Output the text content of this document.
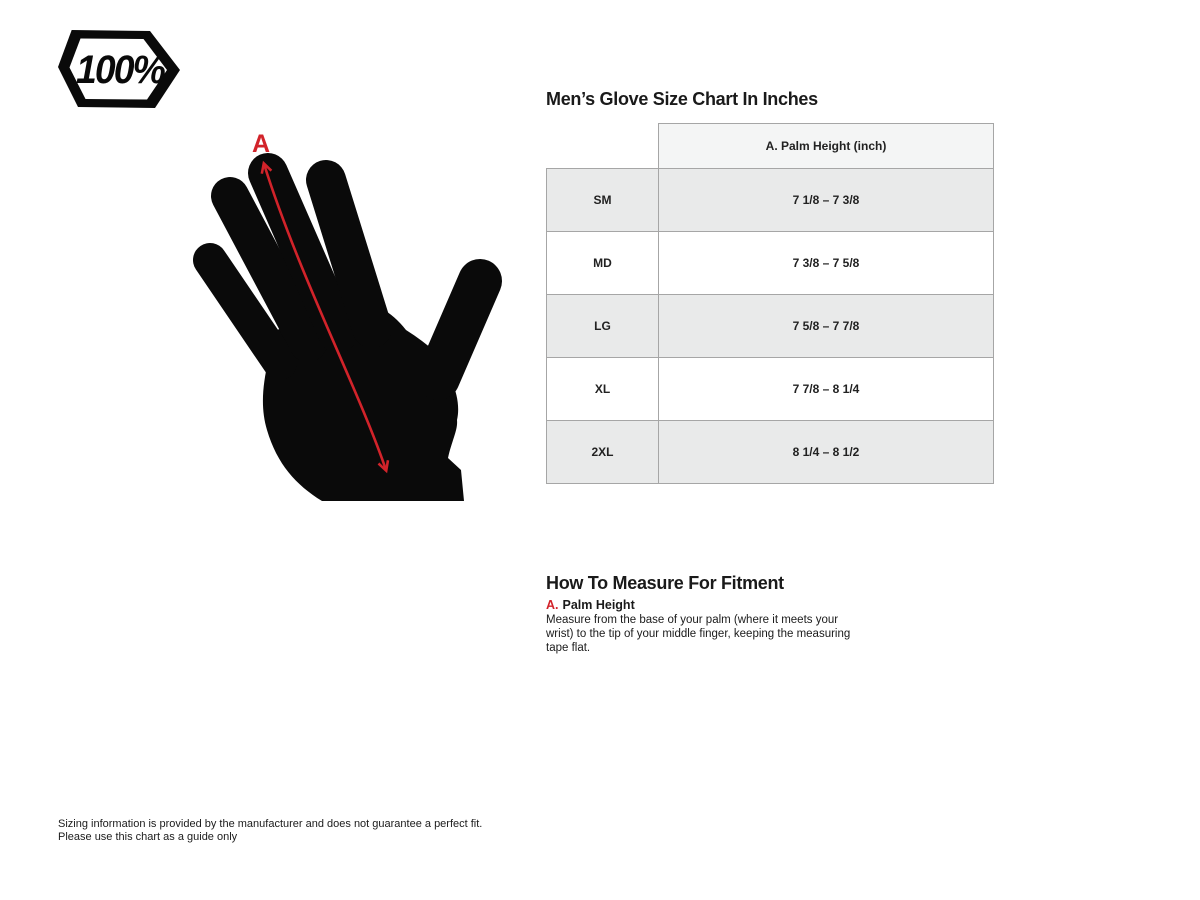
100%
A
Men’s Glove Size Chart In Inches
	A. Palm Height (inch)
SM	7 1/8 – 7 3/8
MD	7 3/8 – 7 5/8
LG	7 5/8 – 7 7/8
XL	7 7/8 – 8 1/4
2XL	8 1/4 – 8 1/2
How To Measure For Fitment
A. Palm Height
Measure from the base of your palm (where it meets your
wrist) to the tip of your middle finger, keeping the measuring
tape flat.
Sizing information is provided by the manufacturer and does not guarantee a perfect fit.
Please use this chart as a guide only
